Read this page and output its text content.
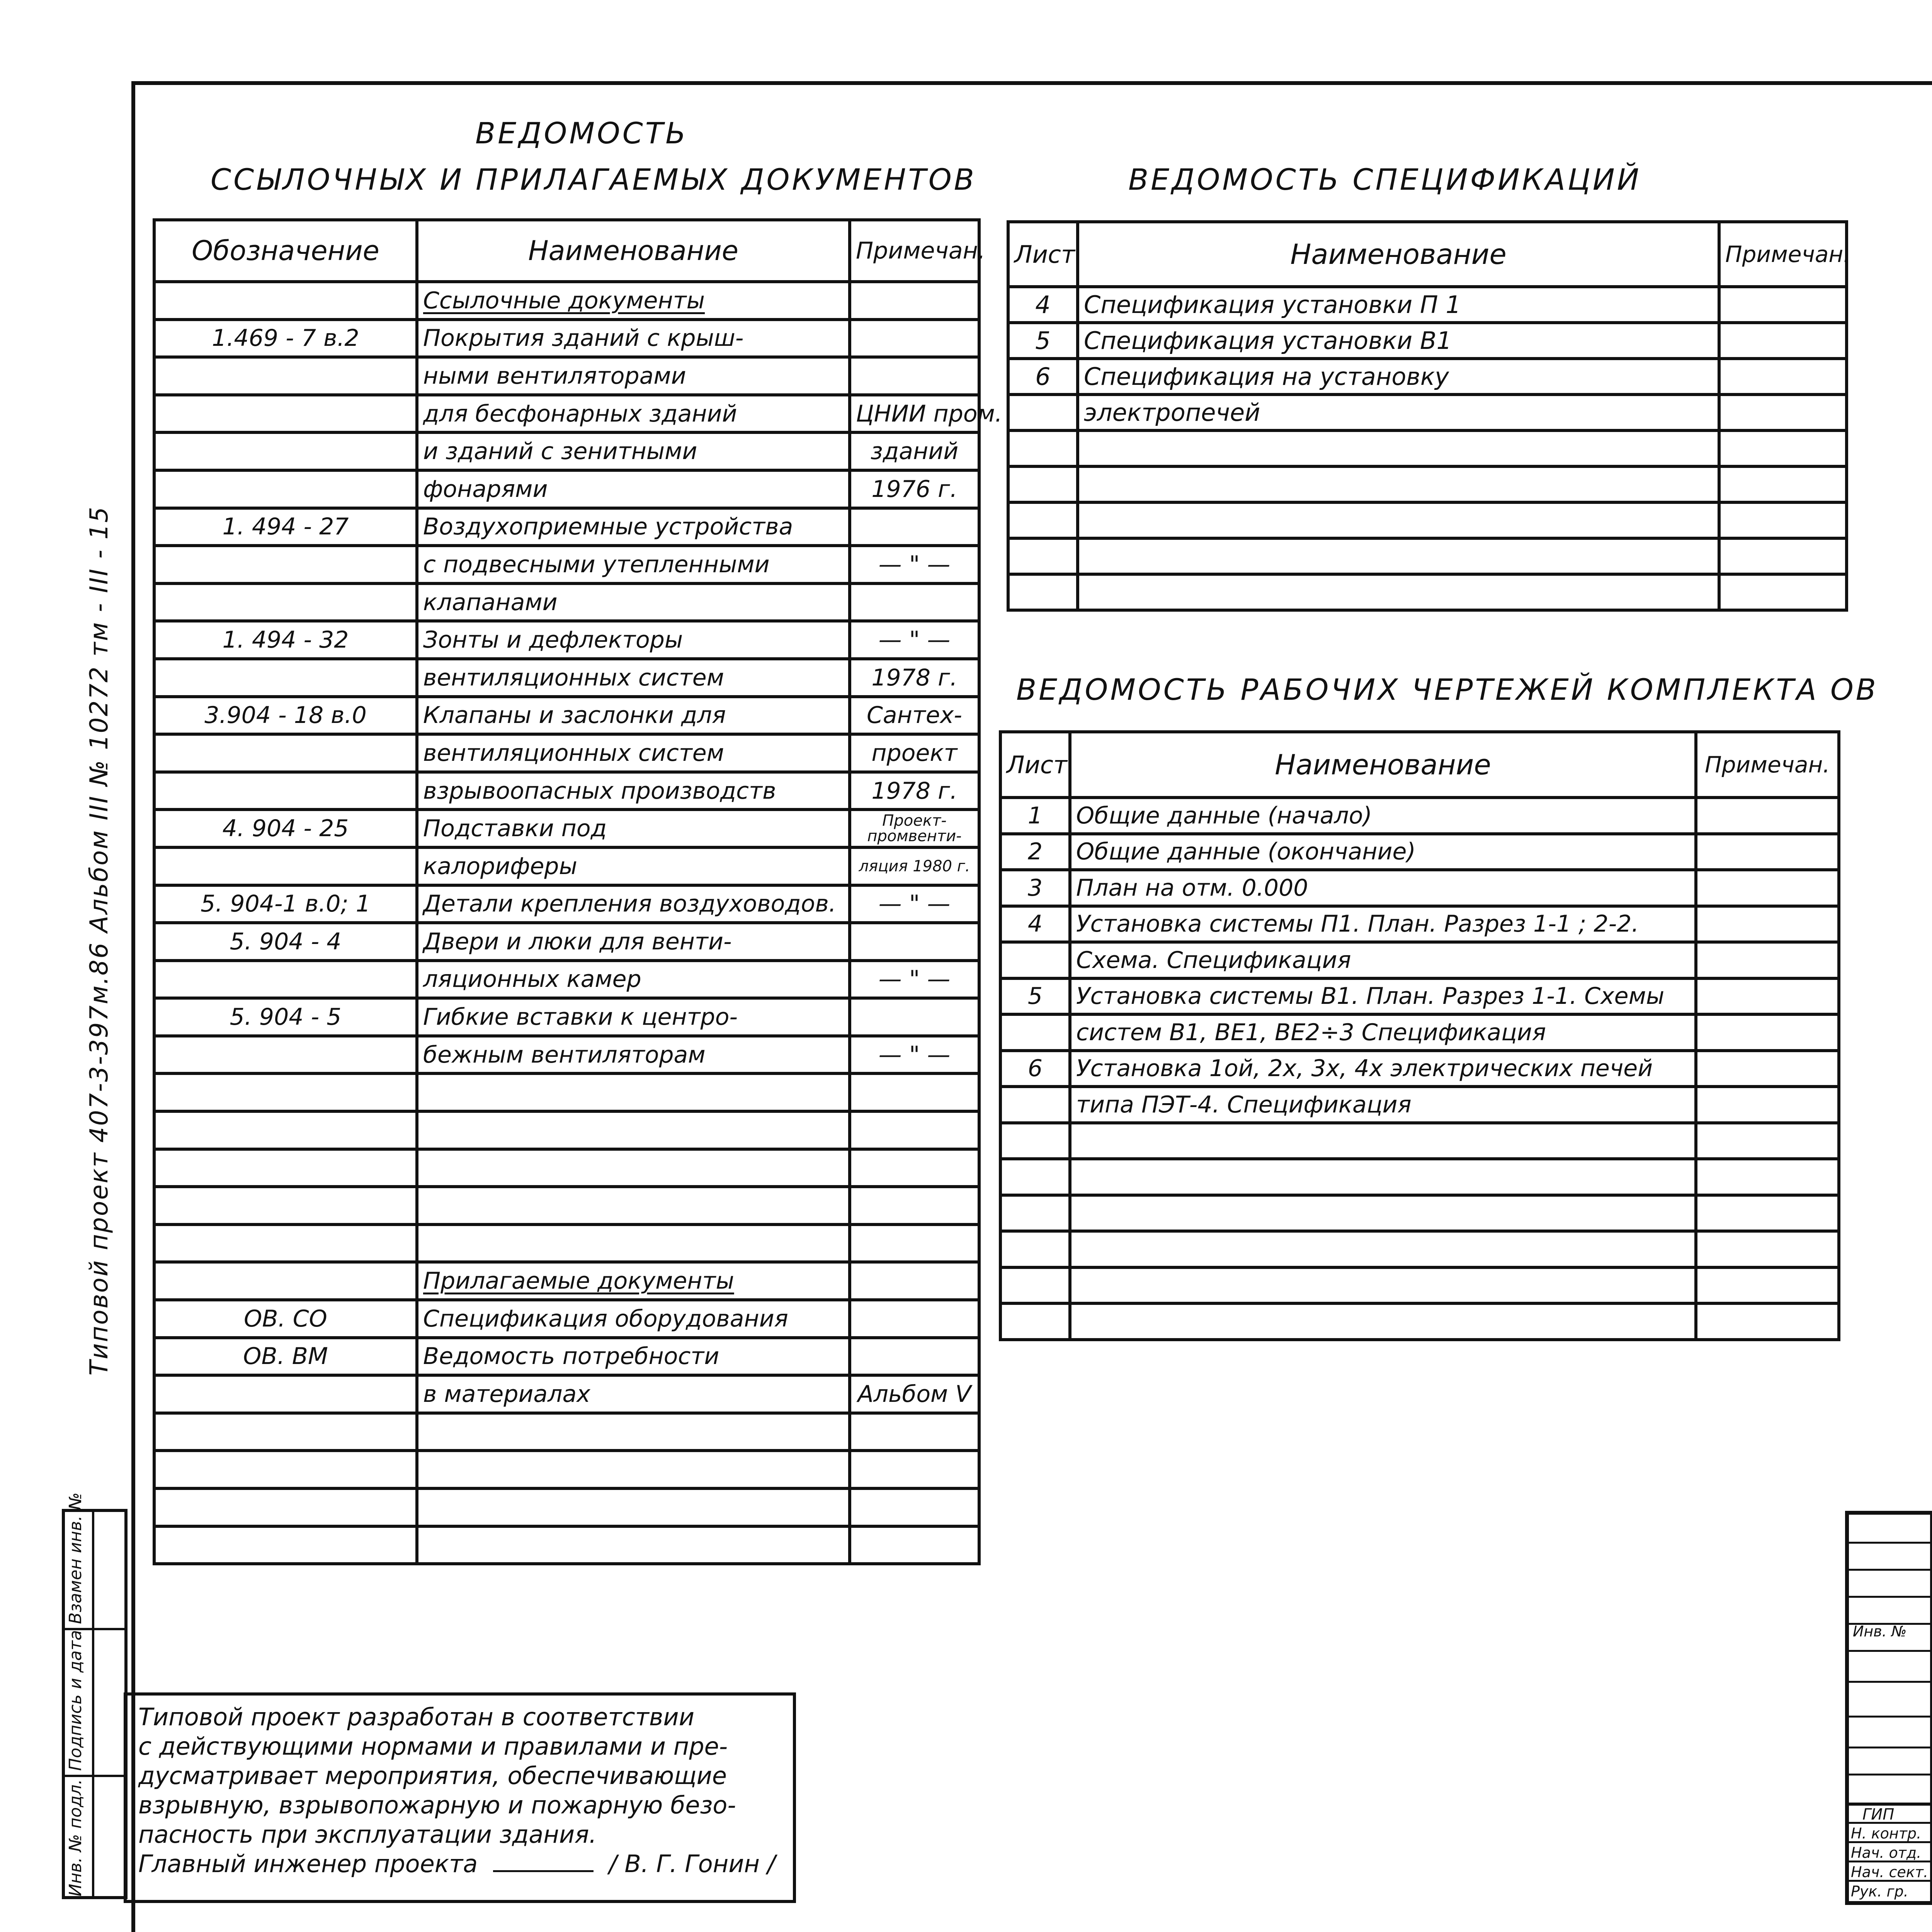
Типовой проект 407-3-397м.86 Альбом III № 10272 тм - III - 15
Инв. № подл.
Подпись и дата
Взамен инв. №
ВЕДОМОСТЬ
ССЫЛОЧНЫХ И ПРИЛАГАЕМЫХ ДОКУМЕНТОВ	ВЕДОМОСТЬ СПЕЦИФИКАЦИЙ
ВЕДОМОСТЬ РАБОЧИХ ЧЕРТЕЖЕЙ КОМПЛЕКТА ОВ
Обозначение	Наименование	Примечан.
	Ссылочные документы	
1.469 - 7 в.2	Покрытия зданий с крыш-	
	ными вентиляторами	
	для бесфонарных зданий	ЦНИИ пром.
	и зданий с зенитными	зданий
	фонарями	1976 г.
1. 494 - 27	Воздухоприемные устройства	
	с подвесными утепленными	— " —
	клапанами	
1. 494 - 32	Зонты и дефлекторы	— " —
	вентиляционных систем	1978 г.
3.904 - 18 в.0	Клапаны и заслонки для	Сантех-
	вентиляционных систем	проект
	взрывоопасных производств	1978 г.
4. 904 - 25	Подставки под	Проект- промвенти-
	калориферы	ляция 1980 г.
5. 904-1 в.0; 1	Детали крепления воздуховодов.	— " —
5. 904 - 4	Двери и люки для венти-	
	ляционных камер	— " —
5. 904 - 5	Гибкие вставки к центро-	
	бежным вентиляторам	— " —

	Прилагаемые документы	
ОВ. СО	Спецификация оборудования	
ОВ. ВМ	Ведомость потребности	
	в материалах	Альбом V

Лист	Наименование	Примечан.
4	Спецификация установки П 1	
5	Спецификация установки В1	
6	Спецификация на установку	
	электропечей	

Лист	Наименование	Примечан.
1	Общие данные (начало)	
2	Общие данные (окончание)	
3	План на отм. 0.000	
4	Установка системы П1. План. Разрез 1-1 ; 2-2.	
	Схема. Спецификация	
5	Установка системы В1. План. Разрез 1-1. Схемы	
	систем В1, ВЕ1, ВЕ2÷3 Спецификация	
6	Установка 1ой, 2х, 3х, 4х электрических печей	
	типа ПЭТ-4. Спецификация	

Типовой проект разработан в соответствии
с действующими нормами и правилами и пре-
дусматривает мероприятия, обеспечивающие
взрывную, взрывопожарную и пожарную безо-
пасность при эксплуатации здания.
Главный инженер проекта	/ В. Г. Гонин /
Инв. №
ГИП
Н. контр.
Нач. отд.
Нач. сект.
Рук. гр.
